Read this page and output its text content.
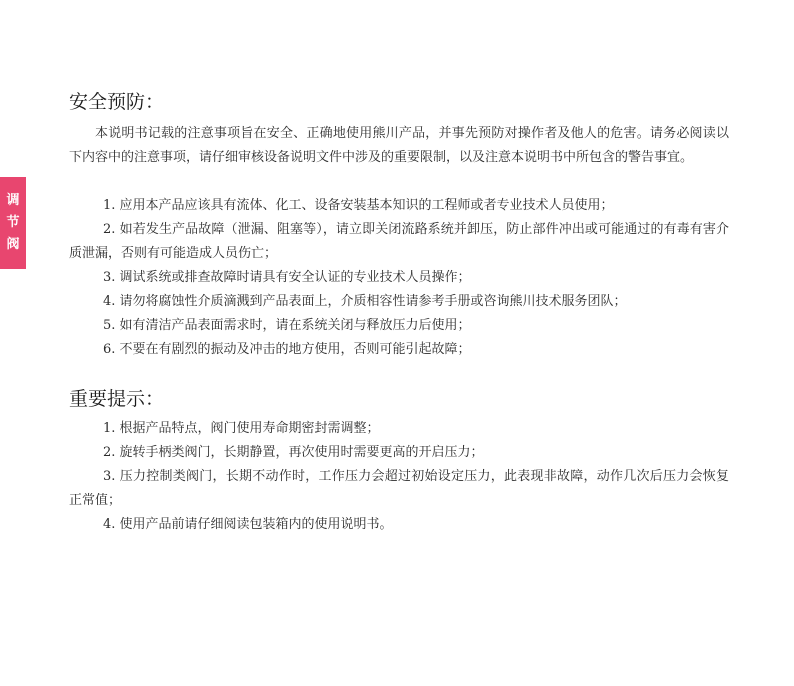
调
节
阀
安全预防：

本说明书记载的注意事项旨在安全、正确地使用熊川产品，并事先预防对操作者及他人的危害。请务必阅读以下内容中的注意事项，请仔细审核设备说明文件中涉及的重要限制，以及注意本说明书中所包含的警告事宜。

1. 应用本产品应该具有流体、化工、设备安装基本知识的工程师或者专业技术人员使用；
2. 如若发生产品故障（泄漏、阻塞等），请立即关闭流路系统并卸压，防止部件冲出或可能通过的有毒有害介质泄漏，否则有可能造成人员伤亡；
3. 调试系统或排查故障时请具有安全认证的专业技术人员操作；
4. 请勿将腐蚀性介质滴溅到产品表面上，介质相容性请参考手册或咨询熊川技术服务团队；
5. 如有清洁产品表面需求时，请在系统关闭与释放压力后使用；
6. 不要在有剧烈的振动及冲击的地方使用，否则可能引起故障；
重要提示：
1. 根据产品特点，阀门使用寿命期密封需调整；
2. 旋转手柄类阀门，长期静置，再次使用时需要更高的开启压力；
3. 压力控制类阀门，长期不动作时，工作压力会超过初始设定压力，此表现非故障，动作几次后压力会恢复正常值；
4. 使用产品前请仔细阅读包装箱内的使用说明书。
